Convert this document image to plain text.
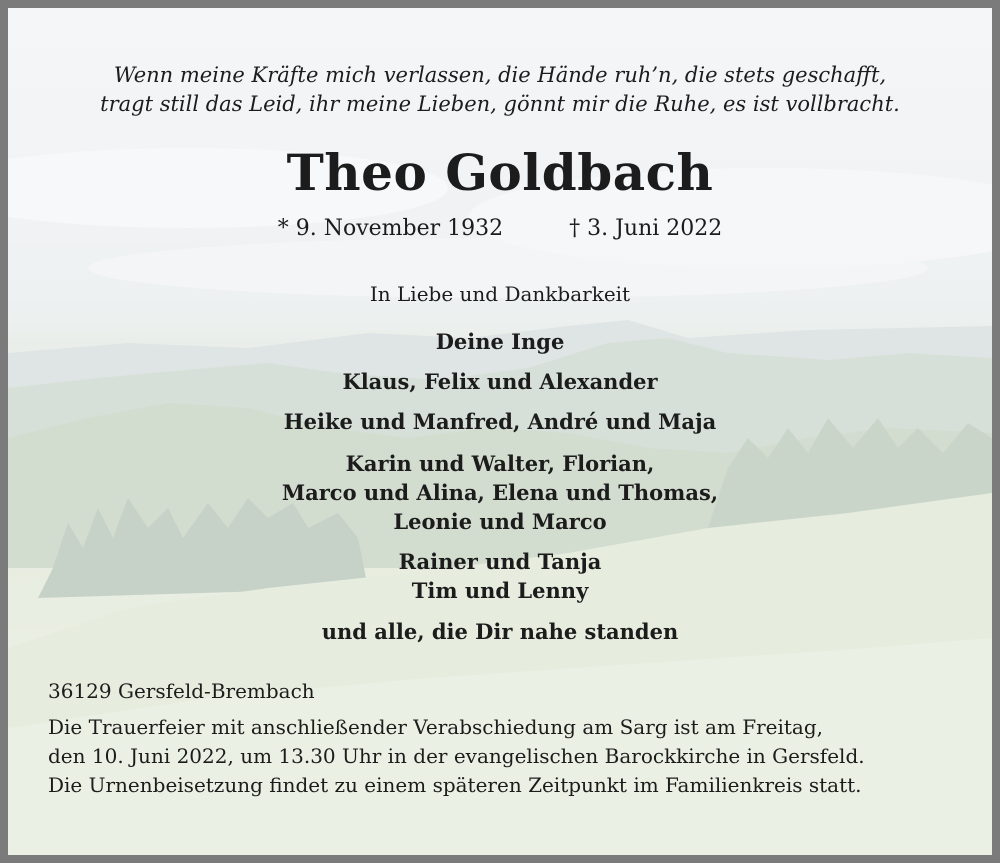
Wenn meine Kräfte mich verlassen, die Hände ruh’n, die stets geschafft,
tragt still das Leid, ihr meine Lieben, gönnt mir die Ruhe, es ist vollbracht.
Theo Goldbach
* 9. November 1932	† 3. Juni 2022
In Liebe und Dankbarkeit
Deine Inge
Klaus, Felix und Alexander
Heike und Manfred, André und Maja
Karin und Walter, Florian,
Marco und Alina, Elena und Thomas,
Leonie und Marco
Rainer und Tanja
Tim und Lenny
und alle, die Dir nahe standen
36129 Gersfeld-Brembach
Die Trauerfeier mit anschließender Verabschiedung am Sarg ist am Freitag,
den 10. Juni 2022, um 13.30 Uhr in der evangelischen Barockkirche in Gersfeld.
Die Urnenbeisetzung findet zu einem späteren Zeitpunkt im Familienkreis statt.
